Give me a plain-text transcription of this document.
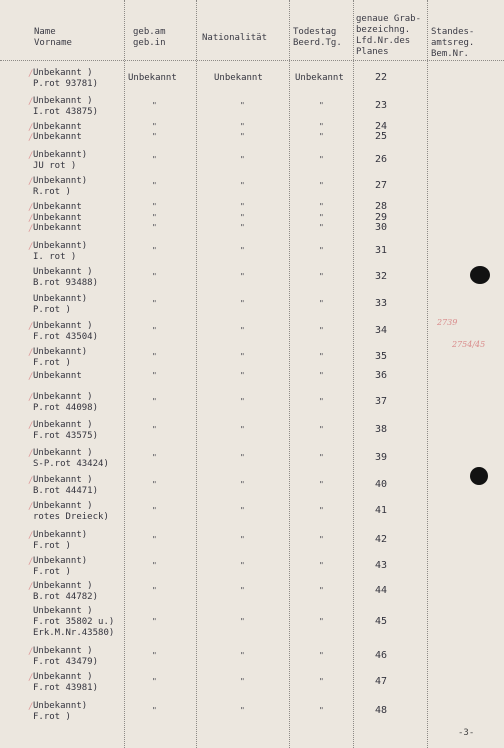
Name
Vorname
geb.am
geb.in	Nationalität
Todestag
Beerd.Tg.
genaue Grab-
bezeichng.
Lfd.Nr.des
Planes
Standes-
amtsreg.
Bem.Nr.
Unbekannt )
P.rot 93781)
Unbekannt	Unbekannt	Unbekannt	22
/
Unbekannt )
I.rot 43875)
"	"	"	23
/
Unbekannt	"	"	"	24
/
Unbekannt	"	"	"	25
/
Unbekannt)
JU rot )
"	"	"	26
/
Unbekannt)
R.rot )
"	"	"	27
/
Unbekannt	"	"	"	28
/
Unbekannt	"	"	"	29
/
Unbekannt	"	"	"	30
/
Unbekannt)
I. rot )
"	"	"	31
/
Unbekannt )
B.rot 93488)
"	"	"	32
Unbekannt)
P.rot )
"	"	"	33
Unbekannt )
F.rot 43504)
"	"	"	34
/
Unbekannt)
F.rot )
"	"	"	35
/
Unbekannt	"	"	"	36
/
Unbekannt )
P.rot 44098)
"	"	"	37
/
Unbekannt )
F.rot 43575)
"	"	"	38
/
Unbekannt )
S-P.rot 43424)
"	"	"	39
/
Unbekannt )
B.rot 44471)
"	"	"	40
/
Unbekannt )
rotes Dreieck)
"	"	"	41
/
Unbekannt)
F.rot )
"	"	"	42
/
Unbekannt)
F.rot )
"	"	"	43
/
Unbekannt )
B.rot 44782)
"	"	"	44
/
Unbekannt )
F.rot 35802 u.)
Erk.M.Nr.43580)
"	"	"	45
Unbekannt )
F.rot 43479)
"	"	"	46
/
Unbekannt )
F.rot 43981)
"	"	"	47
/
Unbekannt)
F.rot )
"	"	"	48
/
2739
2754/45
-3-
